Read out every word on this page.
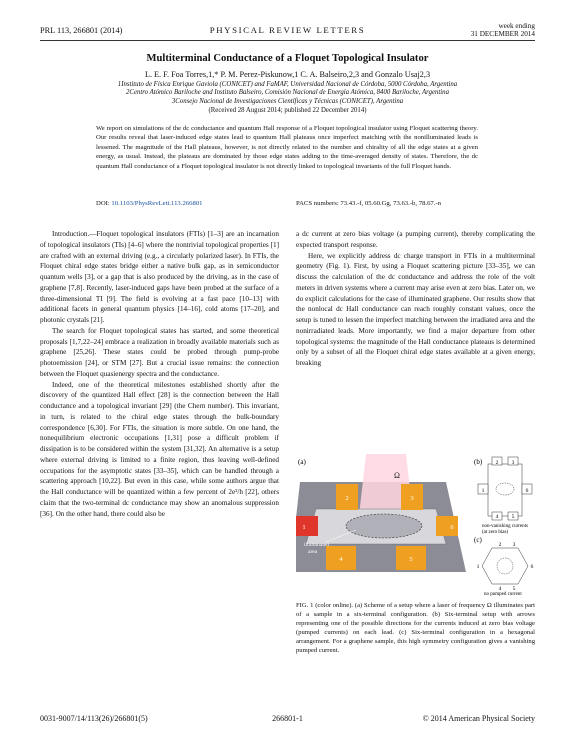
PRL 113, 266801 (2014)	PHYSICAL REVIEW LETTERS	week ending
31 DECEMBER 2014
Multiterminal Conductance of a Floquet Topological Insulator
L. E. F. Foa Torres,1,* P. M. Perez-Piskunow,1 C. A. Balseiro,2,3 and Gonzalo Usaj2,3
1Instituto de Física Enrique Gaviola (CONICET) and FaMAF, Universidad Nacional de Córdoba, 5000 Córdoba, Argentina
2Centro Atómico Bariloche and Instituto Balseiro, Comisión Nacional de Energía Atómica, 8400 Bariloche, Argentina
3Consejo Nacional de Investigaciones Científicas y Técnicas (CONICET), Argentina
(Received 28 August 2014; published 22 December 2014)
We report on simulations of the dc conductance and quantum Hall response of a Floquet topological insulator using Floquet scattering theory. Our results reveal that laser-induced edge states lead to quantum Hall plateaus once imperfect matching with the nonilluminated leads is lessened. The magnitude of the Hall plateaus, however, is not directly related to the number and chirality of all the edge states at a given energy, as usual. Instead, the plateaus are dominated by those edge states adding to the time-averaged density of states. Therefore, the dc quantum Hall conductance of a Floquet topological insulator is not directly linked to topological invariants of the full Floquet bands.
DOI: 10.1103/PhysRevLett.113.266801	PACS numbers: 73.43.-f, 05.60.Gg, 73.63.-b, 78.67.-n

Introduction.—Floquet topological insulators (FTIs) [1–3] are an incarnation of topological insulators (TIs) [4–6] where the nontrivial topological properties [1] are crafted with an external driving (e.g., a circularly polarized laser). In FTIs, the Floquet chiral edge states bridge either a native bulk gap, as in semiconductor quantum wells [3], or a gap that is also produced by the driving, as in the case of graphene [7,8]. Recently, laser-induced gaps have been probed at the surface of a three-dimensional TI [9]. The field is evolving at a fast pace [10–13] with additional facets in general quantum physics [14–16], cold atoms [17–20], and photonic crystals [21].

The search for Floquet topological states has started, and some theoretical proposals [1,7,22–24] embrace a realization in broadly available materials such as graphene [25,26]. These states could be probed through pump-probe photoemission [24], or STM [27]. But a crucial issue remains: the connection between the Floquet quasienergy spectra and the conductance.

Indeed, one of the theoretical milestones established shortly after the discovery of the quantized Hall effect [28] is the connection between the Hall conductance and a topological invariant [29] (the Chern number). This invariant, in turn, is related to the chiral edge states through the bulk-boundary correspondence [6,30]. For FTIs, the situation is more subtle. On one hand, the nonequilibrium electronic occupations [1,31] pose a difficult problem if dissipation is to be considered within the system [31,32]. An alternative is a setup where external driving is limited to a finite region, thus leaving well-defined occupations for the asymptotic states [33–35], which can be handled through a scattering approach [10,22]. But even in this case, while some authors argue that the Hall conductance will be quantized within a few percent of 2e²/h [22], others claim that the two-terminal dc conductance may show an anomalous suppression [36]. On the other hand, there could also be

a dc current at zero bias voltage (a pumping current), thereby complicating the expected transport response.

Here, we explicitly address dc charge transport in FTIs in a multiterminal geometry (Fig. 1). First, by using a Floquet scattering picture [33–35], we can discuss the calculation of the dc conductance and address the role of the volt meters in driven systems where a current may arise even at zero bias. Later on, we do explicit calculations for the case of illuminated graphene. Our results show that the nonlocal dc Hall conductance can reach roughly constant values, once the setup is tuned to lessen the imperfect matching between the irradiated area and the nonirradiated leads. More importantly, we find a major departure from other topological systems: the magnitude of the Hall conductance plateaus is determined only by a subset of all the Floquet chiral edge states available at a given energy, breaking

(a)
2	3
1	6
4	5
Ω
illuminated
area
(b) 2 3
1	6
4 5
non-vanishing currents
(at zero bias)
(c)
2 3
1	6
4 5
no pumped current
FIG. 1 (color online). (a) Scheme of a setup where a laser of frequency Ω illuminates part of a sample in a six-terminal configuration. (b) Six-terminal setup with arrows representing one of the possible directions for the currents induced at zero bias voltage (pumped currents) on each lead. (c) Six-terminal configuration in a hexagonal arrangement. For a graphene sample, this high symmetry configuration gives a vanishing pumped current.
0031-9007/14/113(26)/266801(5)	266801-1	© 2014 American Physical Society
